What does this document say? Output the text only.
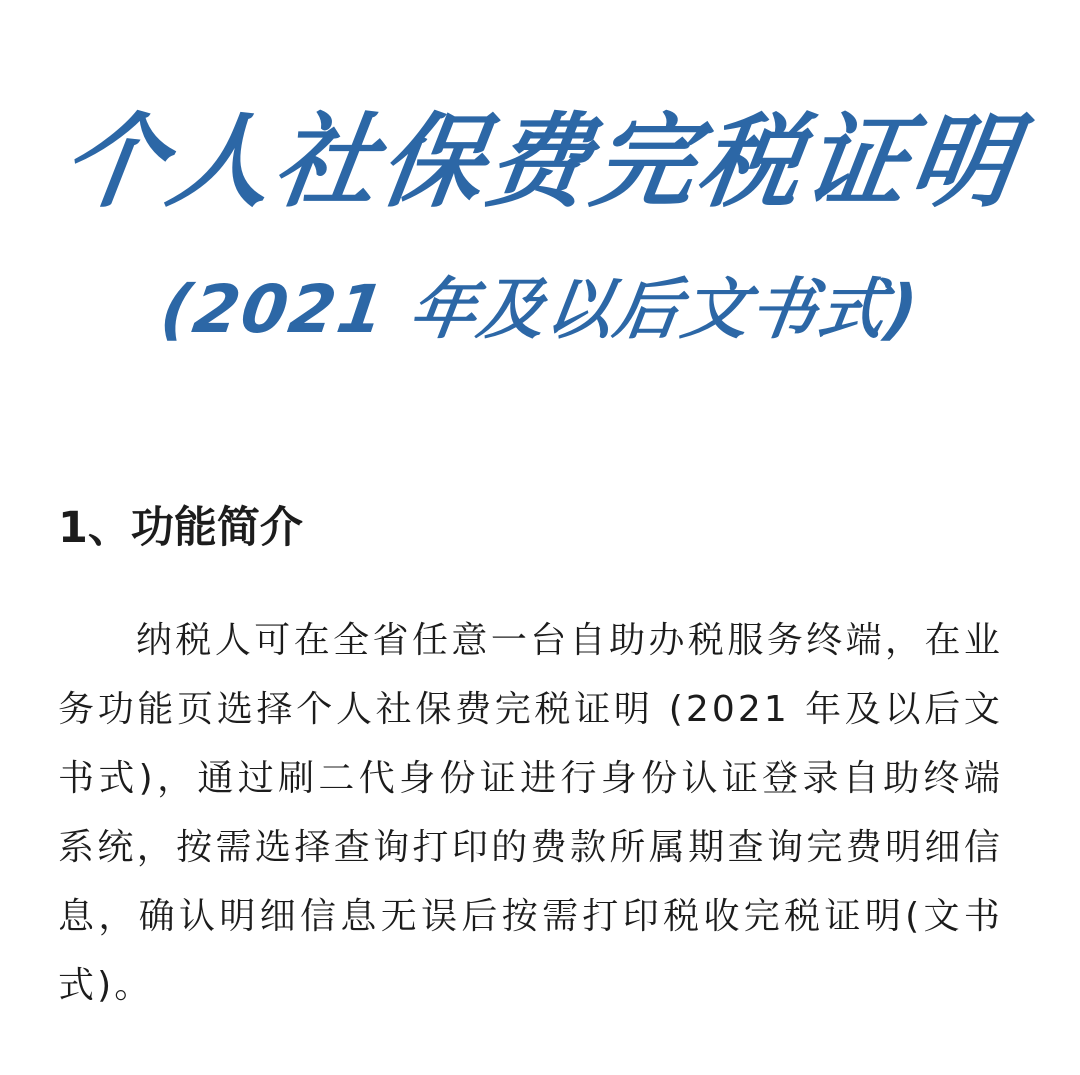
个人社保费完税证明
(2021 年及以后文书式)
1、功能简介

纳税人可在全省任意一台自助办税服务终端，在业务功能页选择个人社保费完税证明 (2021 年及以后文书式)，通过刷二代身份证进行身份认证登录自助终端系统，按需选择查询打印的费款所属期查询完费明细信息，确认明细信息无误后按需打印税收完税证明(文书式)。
